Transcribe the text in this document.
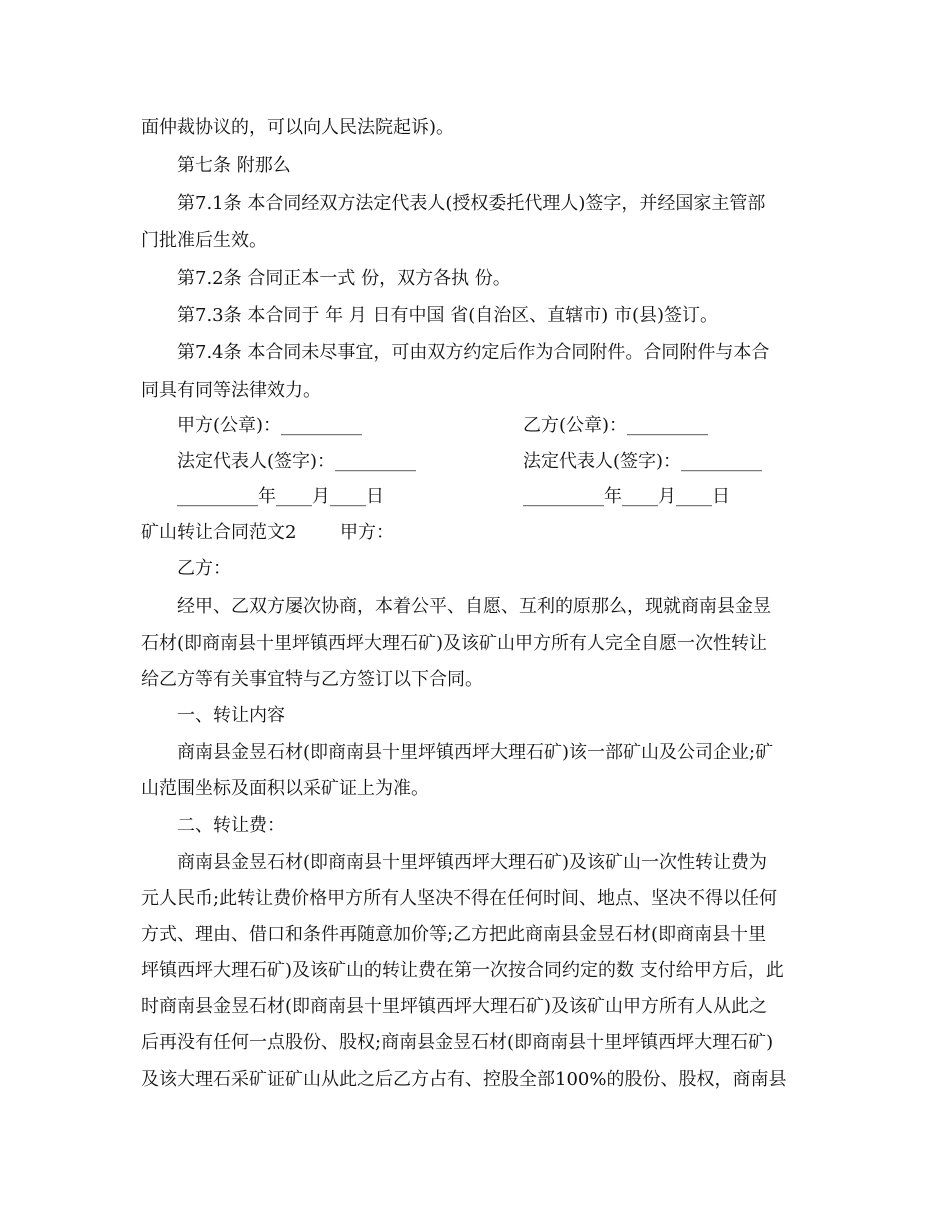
面仲裁协议的，可以向人民法院起诉)。
第七条 附那么
第7.1条 本合同经双方法定代表人(授权委托代理人)签字，并经国家主管部
门批准后生效。
第7.2条 合同正本一式 份，双方各执 份。
第7.3条 本合同于 年 月 日有中国 省(自治区、直辖市) 市(县)签订。
第7.4条 本合同未尽事宜，可由双方约定后作为合同附件。合同附件与本合
同具有同等法律效力。
甲方(公章)：_________	乙方(公章)：_________
法定代表人(签字)：_________	法定代表人(签字)：_________
_________年____月____日	_________年____月____日
矿山转让合同范文2 甲方：
乙方：
经甲、乙双方屡次协商，本着公平、自愿、互利的原那么，现就商南县金昱
石材(即商南县十里坪镇西坪大理石矿)及该矿山甲方所有人完全自愿一次性转让
给乙方等有关事宜特与乙方签订以下合同。
一、转让内容
商南县金昱石材(即商南县十里坪镇西坪大理石矿)该一部矿山及公司企业;矿
山范围坐标及面积以采矿证上为准。
二、转让费：
商南县金昱石材(即商南县十里坪镇西坪大理石矿)及该矿山一次性转让费为
元人民币;此转让费价格甲方所有人坚决不得在任何时间、地点、坚决不得以任何
方式、理由、借口和条件再随意加价等;乙方把此商南县金昱石材(即商南县十里
坪镇西坪大理石矿)及该矿山的转让费在第一次按合同约定的数 支付给甲方后，此
时商南县金昱石材(即商南县十里坪镇西坪大理石矿)及该矿山甲方所有人从此之
后再没有任何一点股份、股权;商南县金昱石材(即商南县十里坪镇西坪大理石矿)
及该大理石采矿证矿山从此之后乙方占有、控股全部100%的股份、股权，商南县
